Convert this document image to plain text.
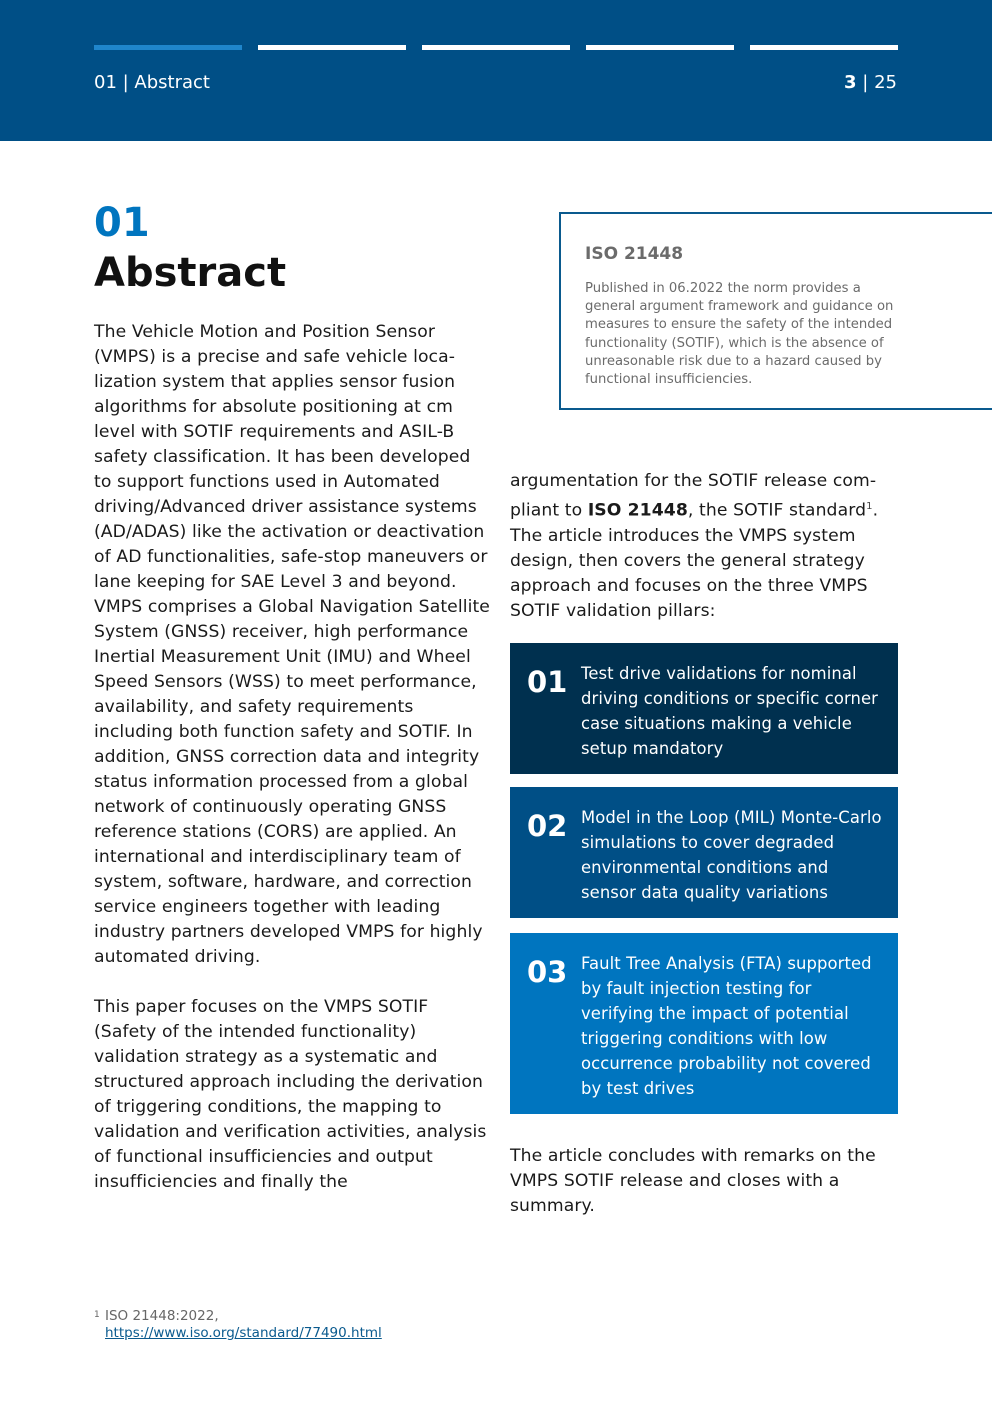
01 | Abstract	3 | 25
01
Abstract

The Vehicle Motion and Position Sensor (VMPS) is a precise and safe vehicle localization system that applies sensor fusion algorithms for absolute positioning at cm level with SOTIF requirements and ASIL-B safety classification. It has been developed to support functions used in Automated driving/Advanced driver assistance systems (AD/ADAS) like the activation or deactivation of AD functionalities, safe-stop maneuvers or lane keeping for SAE Level 3 and beyond. VMPS comprises a Global Navigation Satellite System (GNSS) receiver, high performance Inertial Measurement Unit (IMU) and Wheel Speed Sensors (WSS) to meet performance, availability, and safety requirements including both function safety and SOTIF. In addition, GNSS correction data and integrity status information processed from a global network of continuously operating GNSS reference stations (CORS) are applied. An international and interdisciplinary team of system, software, hardware, and correction service engineers together with leading industry partners developed VMPS for highly automated driving.

This paper focuses on the VMPS SOTIF (Safety of the intended functionality) validation strategy as a systematic and structured approach including the derivation of triggering conditions, the mapping to validation and verification activities, analysis of functional insufficiencies and output insufficiencies and finally the

ISO 21448
Published in 06.2022 the norm provides a general argument framework and guidance on measures to ensure the safety of the intended functionality (SOTIF), which is the absence of unreasonable risk due to a hazard caused by functional insufficiencies.

argumentation for the SOTIF release compliant to ISO 21448, the SOTIF standard$^1$. The article introduces the VMPS system design, then covers the general strategy approach and focuses on the three VMPS SOTIF validation pillars:

01 Test drive validations for nominal driving conditions or specific corner case situations making a vehicle setup mandatory
02 Model in the Loop (MIL) Monte-Carlo simulations to cover degraded environmental conditions and sensor data quality variations
03 Fault Tree Analysis (FTA) supported by fault injection testing for verifying the impact of potential triggering conditions with low occurrence probability not covered by test drives

The article concludes with remarks on the VMPS SOTIF release and closes with a summary.

1 ISO 21448:2022, https://www.iso.org/standard/77490.html
